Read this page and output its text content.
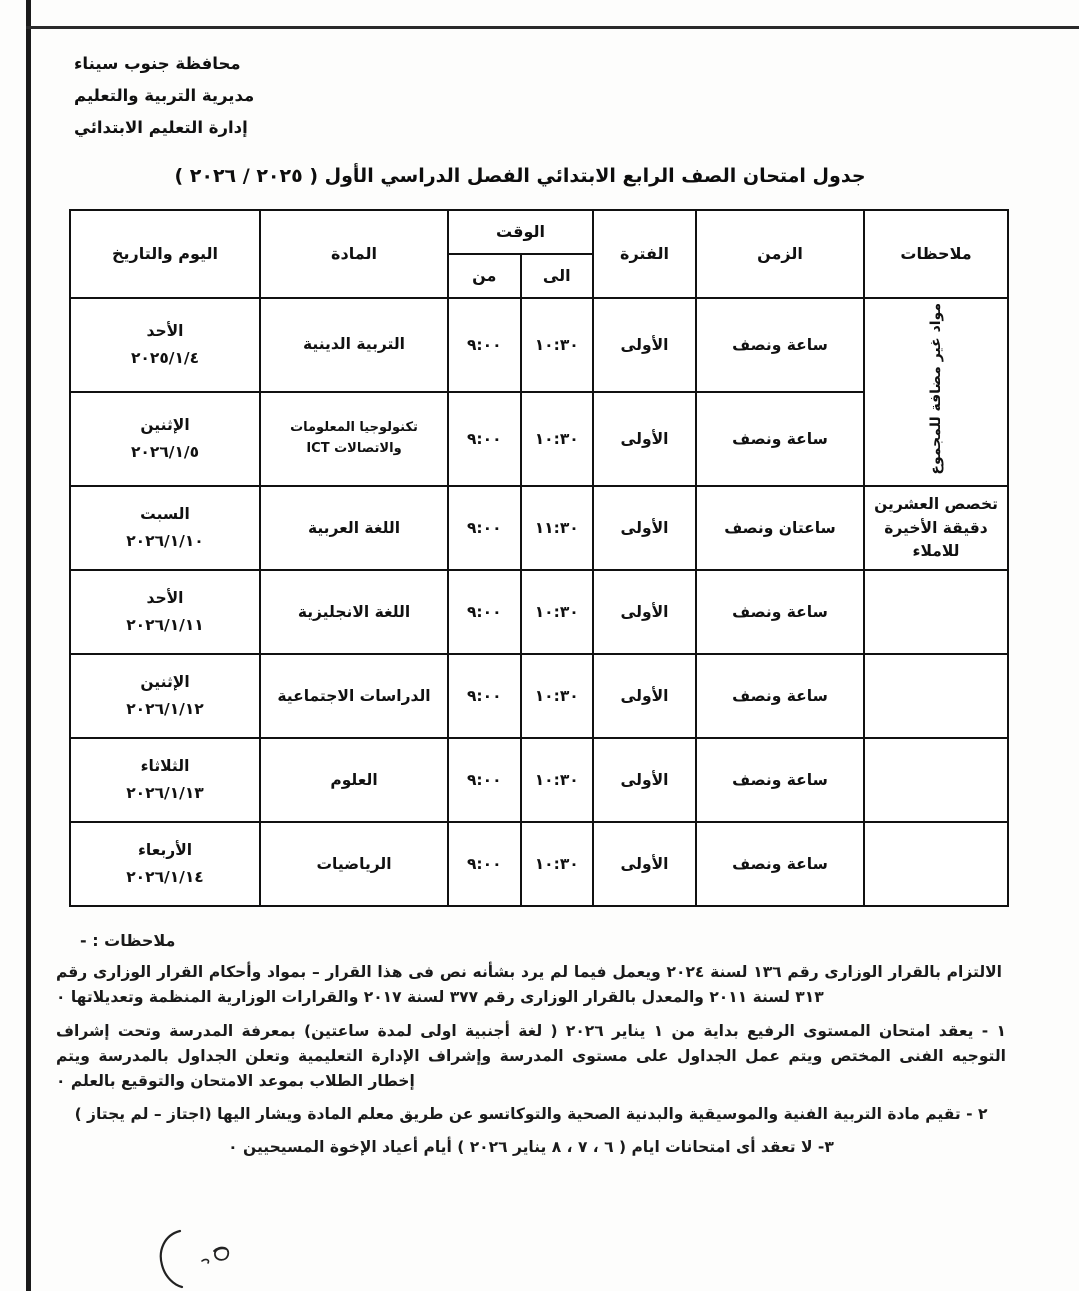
محافظة جنوب سيناء
مديرية التربية والتعليم
إدارة التعليم الابتدائي
جدول امتحان الصف الرابع الابتدائي الفصل الدراسي الأول ( ٢٠٢٥ / ٢٠٢٦ )
ملاحظات	الزمن	الفترة	الوقت		المادة	اليوم والتاريخ
			الى	من		
مواد غير مضافة للمجموع	ساعة ونصف	الأولى	١٠:٣٠	٩:٠٠	التربية الدينية	الأحد
٢٠٢٥/١/٤

	ساعة ونصف	الأولى	١٠:٣٠	٩:٠٠	تكنولوجيا المعلومات
والاتصالات ICT	الإثنين
٢٠٢٦/١/٥

تخصص العشرين دقيقة الأخيرة للاملاء	ساعتان ونصف	الأولى	١١:٣٠	٩:٠٠	اللغة العربية	السبت
٢٠٢٦/١/١٠

	ساعة ونصف	الأولى	١٠:٣٠	٩:٠٠	اللغة الانجليزية	الأحد
٢٠٢٦/١/١١

	ساعة ونصف	الأولى	١٠:٣٠	٩:٠٠	الدراسات الاجتماعية	الإثنين
٢٠٢٦/١/١٢

	ساعة ونصف	الأولى	١٠:٣٠	٩:٠٠	العلوم	الثلاثاء
٢٠٢٦/١/١٣

	ساعة ونصف	الأولى	١٠:٣٠	٩:٠٠	الرياضيات	الأربعاء
٢٠٢٦/١/١٤
ملاحظات : -
الالتزام بالقرار الوزارى رقم ١٣٦ لسنة ٢٠٢٤ ويعمل فيما لم يرد بشأنه نص فى هذا القرار – بمواد وأحكام القرار الوزارى رقم ٣١٣ لسنة ٢٠١١ والمعدل بالقرار الوزارى رقم ٣٧٧ لسنة ٢٠١٧ والقرارات الوزارية المنظمة وتعديلاتها ٠
١ - يعقد امتحان المستوى الرفيع بداية من ١ يناير ٢٠٢٦ ( لغة أجنبية اولى لمدة ساعتين) بمعرفة المدرسة وتحت إشراف التوجيه الفنى المختص ويتم عمل الجداول على مستوى المدرسة وإشراف الإدارة التعليمية وتعلن الجداول بالمدرسة ويتم إخطار الطلاب بموعد الامتحان والتوقيع بالعلم ٠
٢ - تقيم مادة التربية الفنية والموسيقية والبدنية الصحية والتوكاتسو عن طريق معلم المادة ويشار اليها (اجتاز – لم يجتاز )
٣- لا تعقد أى امتحانات ايام ( ٦ ، ٧ ، ٨ يناير ٢٠٢٦ ) أيام أعياد الإخوة المسيحيين ٠
